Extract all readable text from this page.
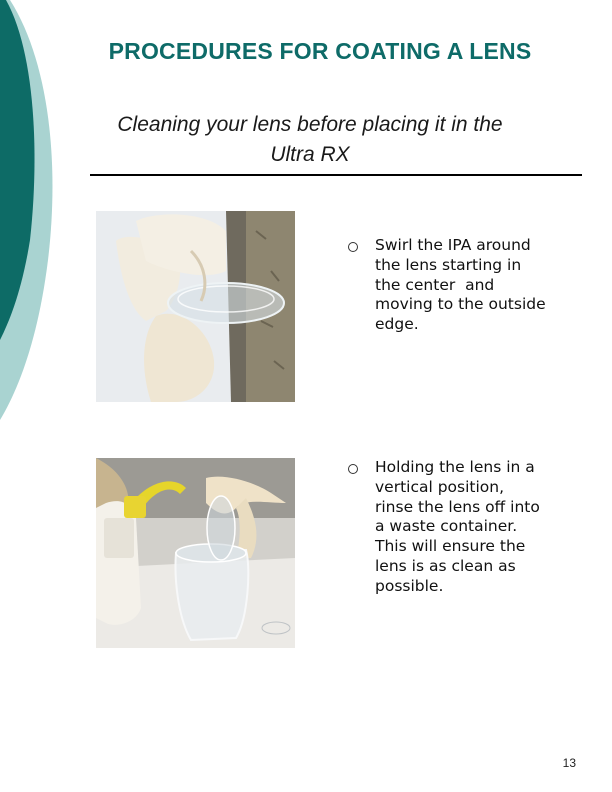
PROCEDURES FOR COATING A LENS
Cleaning your lens before placing it in the
Ultra RX
Swirl the IPA around
the lens starting in
the center  and
moving to the outside
edge.
Holding the lens in a
vertical position,
rinse the lens off into
a waste container.
This will ensure the
lens is as clean as
possible.
13
